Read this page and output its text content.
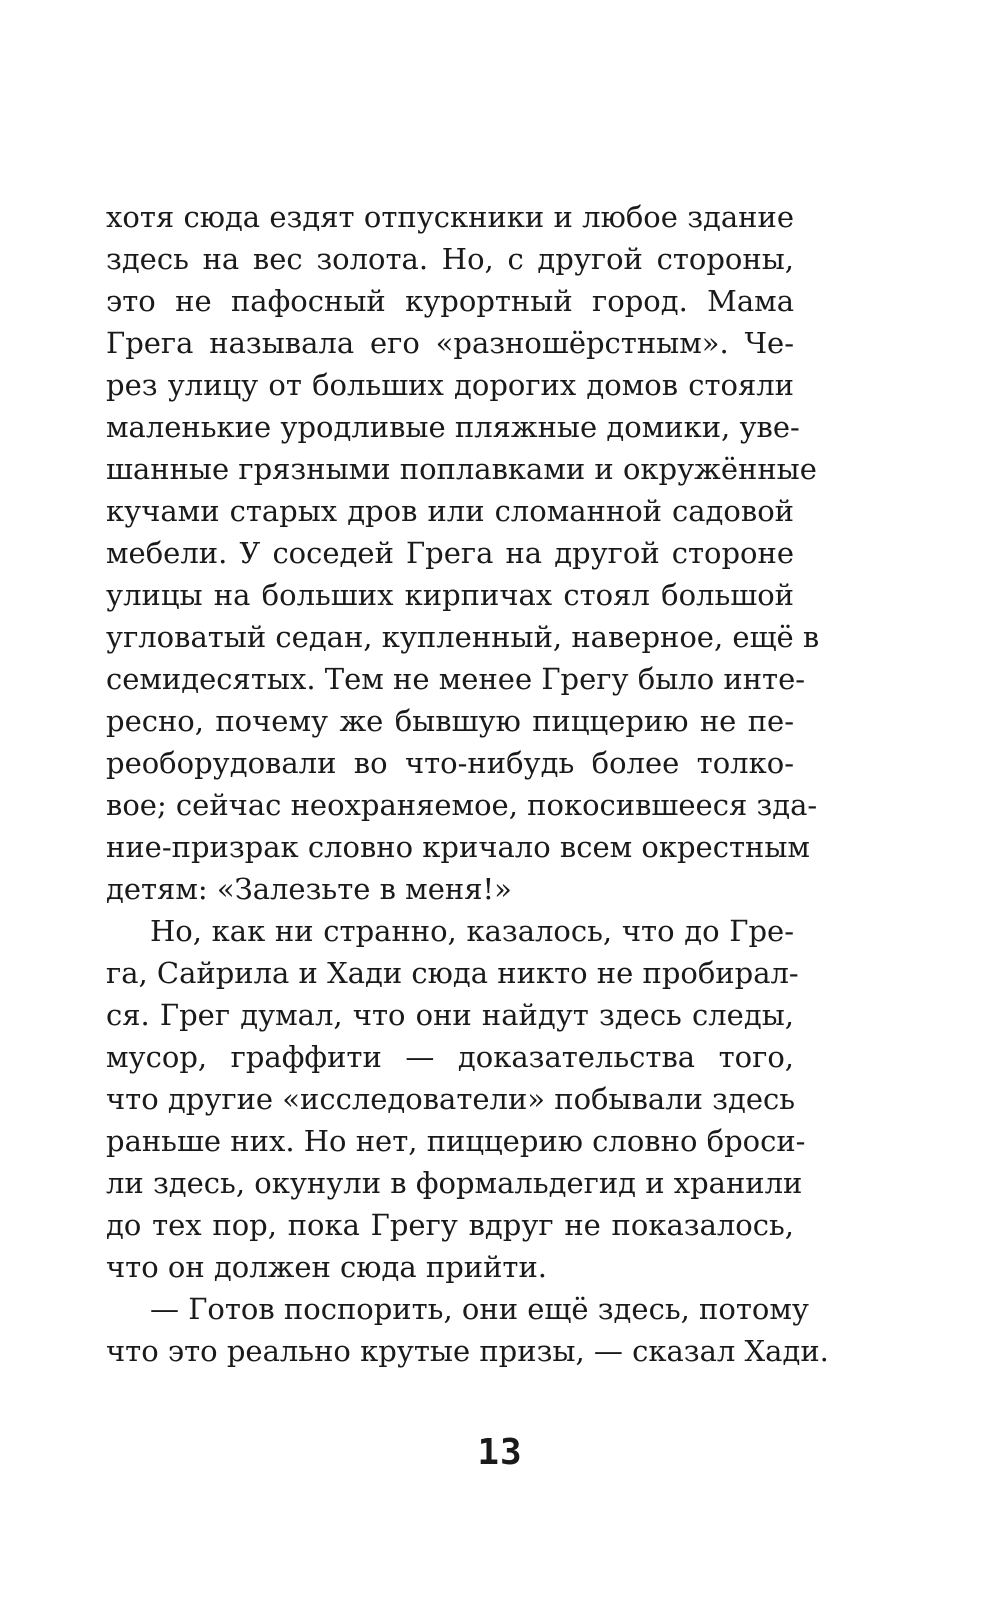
хотя сюда ездят отпускники и любое здание
здесь на вес золота. Но, с другой стороны,
это не пафосный курортный город. Мама
Грега называла его «разношёрстным». Че-
рез улицу от больших дорогих домов стояли
маленькие уродливые пляжные домики, уве-
шанные грязными поплавками и окружённые
кучами старых дров или сломанной садовой
мебели. У соседей Грега на другой стороне
улицы на больших кирпичах стоял большой
угловатый седан, купленный, наверное, ещё в
семидесятых. Тем не менее Грегу было инте-
ресно, почему же бывшую пиццерию не пе-
реоборудовали во что-нибудь более толко-
вое; сейчас неохраняемое, покосившееся зда-
ние-призрак словно кричало всем окрестным
детям: «Залезьте в меня!»
Но, как ни странно, казалось, что до Гре-
га, Сайрила и Хади сюда никто не пробирал-
ся. Грег думал, что они найдут здесь следы,
мусор, граффити — доказательства того,
что другие «исследователи» побывали здесь
раньше них. Но нет, пиццерию словно броси-
ли здесь, окунули в формальдегид и хранили
до тех пор, пока Грегу вдруг не показалось,
что он должен сюда прийти.
— Готов поспорить, они ещё здесь, потому
что это реально крутые призы, — сказал Хади.
13
